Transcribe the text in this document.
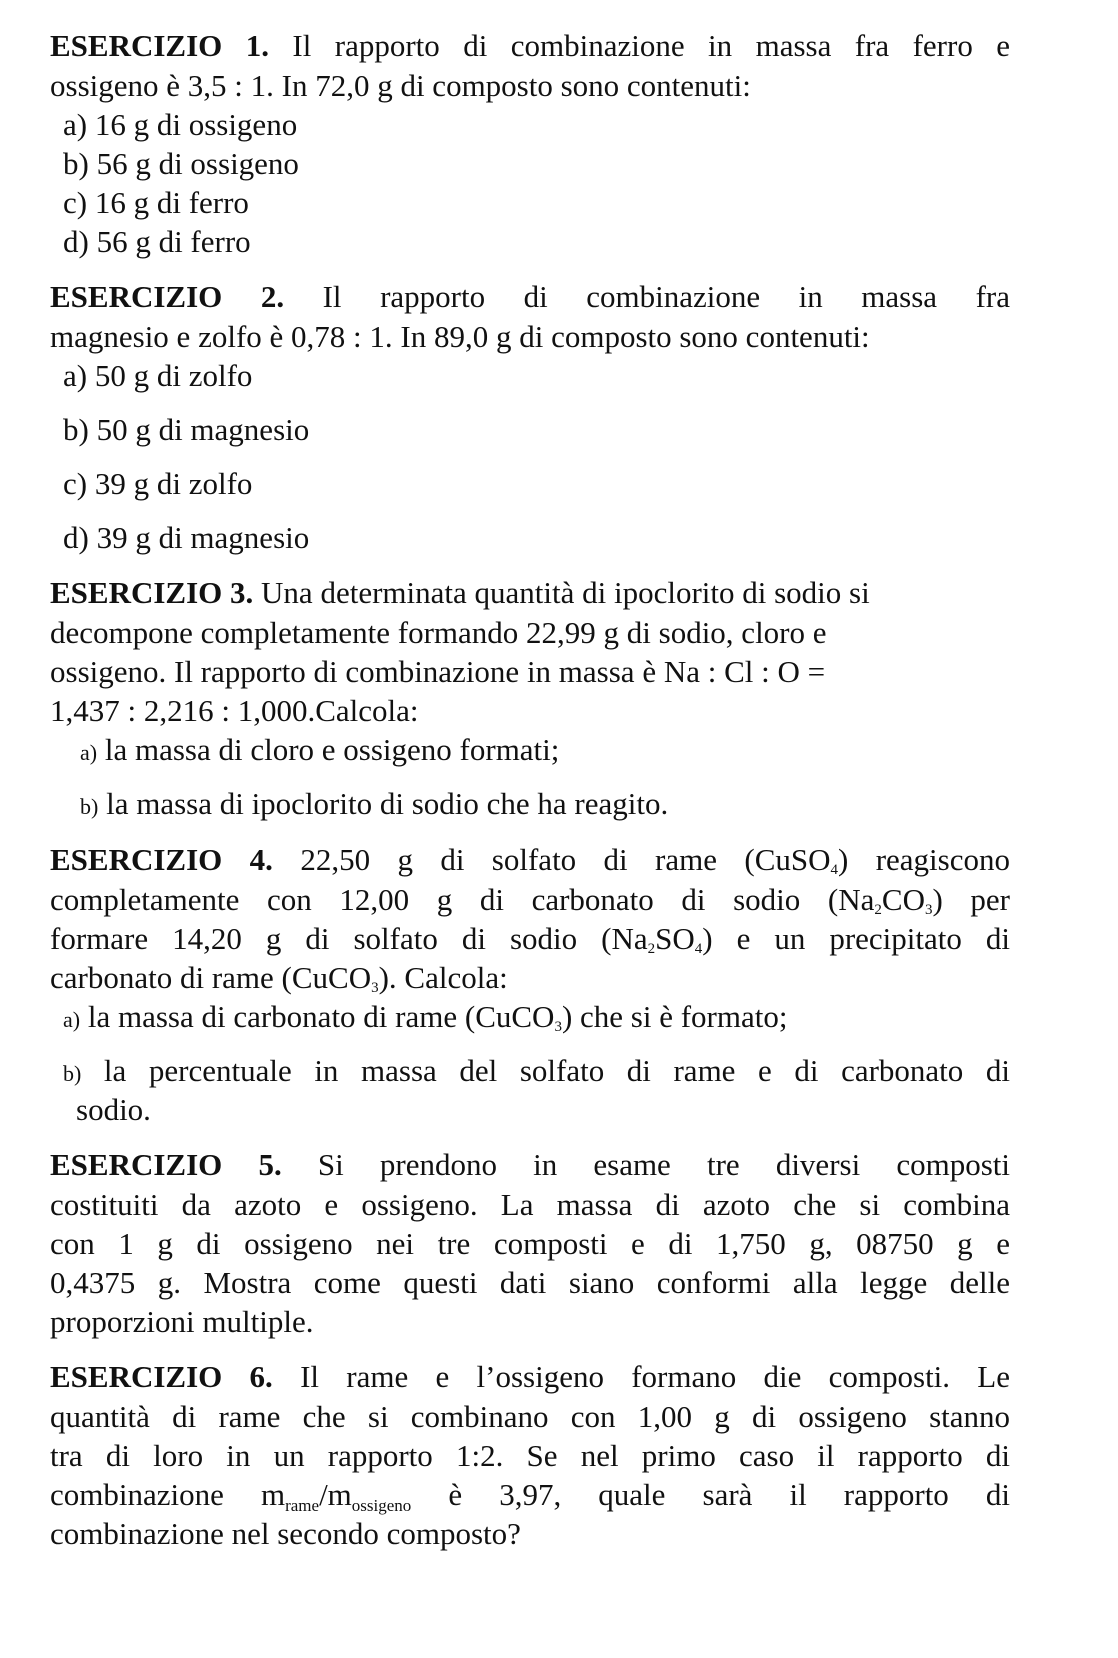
ESERCIZIO 1. Il rapporto di combinazione in massa fra ferro e
ossigeno è 3,5 : 1. In 72,0 g di composto sono contenuti:
a) 16 g di ossigeno
b) 56 g di ossigeno
c) 16 g di ferro
d) 56 g di ferro
ESERCIZIO 2. Il rapporto di combinazione in massa fra
magnesio e zolfo è 0,78 : 1. In 89,0 g di composto sono contenuti:
a) 50 g di zolfo
b) 50 g di magnesio
c) 39 g di zolfo
d) 39 g di magnesio
ESERCIZIO 3. Una determinata quantità di ipoclorito di sodio si
decompone completamente formando 22,99 g di sodio, cloro e
ossigeno. Il rapporto di combinazione in massa è Na : Cl : O =
1,437 : 2,216 : 1,000.Calcola:
a) la massa di cloro e ossigeno formati;
b) la massa di ipoclorito di sodio che ha reagito.
ESERCIZIO 4. 22,50 g di solfato di rame (CuSO$_4$) reagiscono
completamente con 12,00 g di carbonato di sodio $(Na_2CO_3)$ per
formare 14,20 g di solfato di sodio $(Na_2SO_4)$ e un precipitato di
carbonato di rame (CuCO$_3$). Calcola:
a) la massa di carbonato di rame (CuCO$_3$) che si è formato;
b) la percentuale in massa del solfato di rame e di carbonato di
sodio.
ESERCIZIO 5. Si prendono in esame tre diversi composti
costituiti da azoto e ossigeno. La massa di azoto che si combina
con 1 g di ossigeno nei tre composti e di 1,750 g, 08750 g e
0,4375 g. Mostra come questi dati siano conformi alla legge delle
proporzioni multiple.
ESERCIZIO 6. Il rame e l’ossigeno formano die composti. Le
quantità di rame che si combinano con 1,00 g di ossigeno stanno
tra di loro in un rapporto 1:2. Se nel primo caso il rapporto di
combinazione mrame/mossigeno è 3,97, quale sarà il rapporto di
combinazione nel secondo composto?
